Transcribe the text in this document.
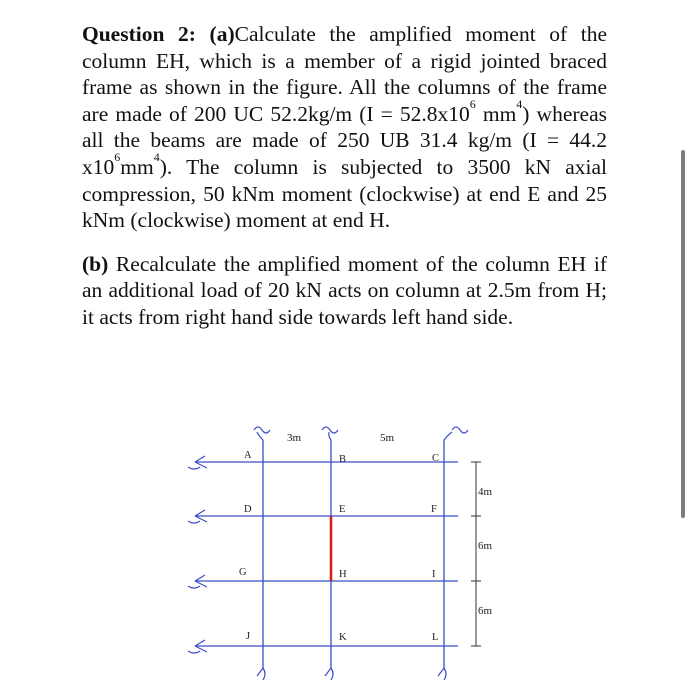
Question 2: (a)Calculate the amplified moment of the column EH, which is a member of a rigid jointed braced frame as shown in the figure. All the columns of the frame are made of 200 UC 52.2kg/m ($I = 52.8x10^6$ $mm^4$) whereas all the beams are made of 250 UB 31.4 kg/m (I = 44.2 $x10^6mm^4$). The column is subjected to 3500 kN axial compression, 50 kNm moment (clockwise) at end E and 25 kNm (clockwise) moment at end H.

(b) Recalculate the amplified moment of the column EH if an additional load of 20 kN acts on column at 2.5m from H; it acts from right hand side towards left hand side.

A	B	C
D	E	F
G	H	I
J	K	L
3m	5m
4m
6m
6m
